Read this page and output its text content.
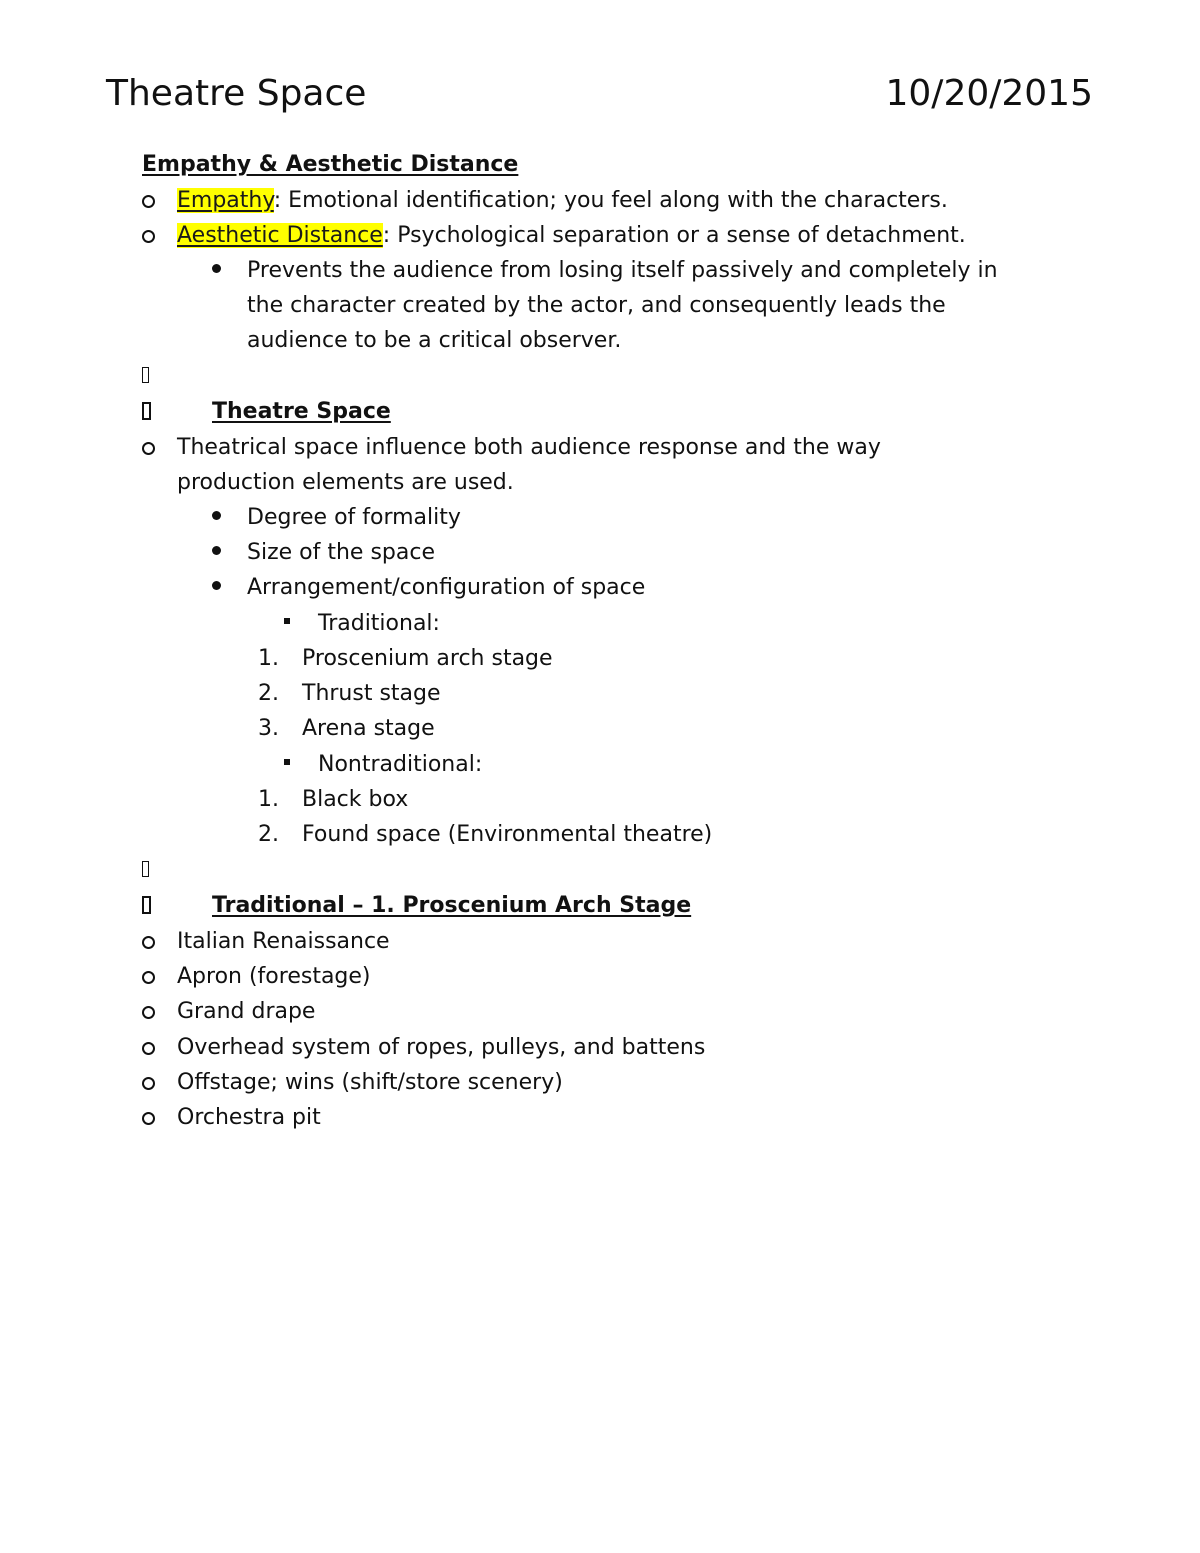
Theatre Space	10/20/2015
Empathy & Aesthetic Distance
Empathy: Emotional identification; you feel along with the characters.
Aesthetic Distance: Psychological separation or a sense of detachment.
Prevents the audience from losing itself passively and completely in
the character created by the actor, and consequently leads the
audience to be a critical observer.
Theatre Space
Theatrical space influence both audience response and the way
production elements are used.
Degree of formality
Size of the space
Arrangement/configuration of space
Traditional:
1. Proscenium arch stage
2. Thrust stage
3. Arena stage
Nontraditional:
1. Black box
2. Found space (Environmental theatre)
Traditional – 1. Proscenium Arch Stage
Italian Renaissance
Apron (forestage)
Grand drape
Overhead system of ropes, pulleys, and battens
Offstage; wins (shift/store scenery)
Orchestra pit
